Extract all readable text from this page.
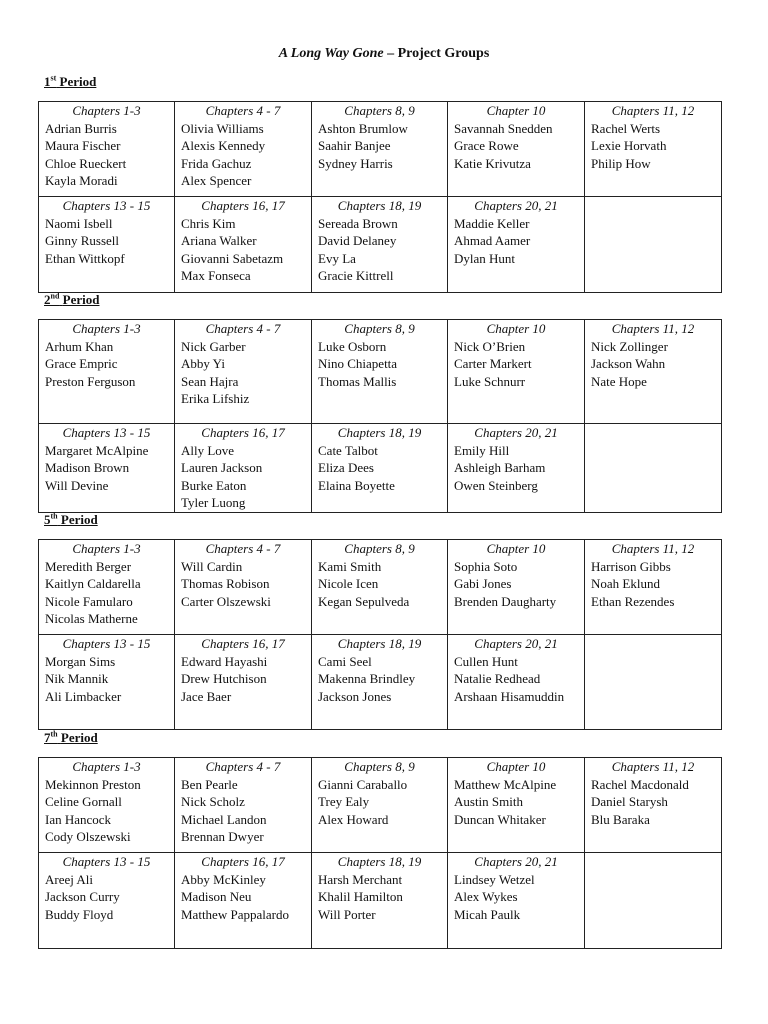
A Long Way Gone – Project Groups
1st Period
Chapters 1-3
Adrian Burris
Maura Fischer
Chloe Rueckert
Kayla Moradi	Chapters 4 - 7
Olivia Williams
Alexis Kennedy
Frida Gachuz
Alex Spencer	Chapters 8, 9
Ashton Brumlow
Saahir Banjee
Sydney Harris	Chapter 10
Savannah Snedden
Grace Rowe
Katie Krivutza	Chapters 11, 12
Rachel Werts
Lexie Horvath
Philip How

Chapters 13 - 15
Naomi Isbell
Ginny Russell
Ethan Wittkopf	Chapters 16, 17
Chris Kim
Ariana Walker
Giovanni Sabetazm
Max Fonseca	Chapters 18, 19
Sereada Brown
David Delaney
Evy La
Gracie Kittrell	Chapters 20, 21
Maddie Keller
Ahmad Aamer
Dylan Hunt	

2nd Period
Chapters 1-3
Arhum Khan
Grace Empric
Preston Ferguson	Chapters 4 - 7
Nick Garber
Abby Yi
Sean Hajra
Erika Lifshiz	Chapters 8, 9
Luke Osborn
Nino Chiapetta
Thomas Mallis	Chapter 10
Nick O’Brien
Carter Markert
Luke Schnurr	Chapters 11, 12
Nick Zollinger
Jackson Wahn
Nate Hope

Chapters 13 - 15
Margaret McAlpine
Madison Brown
Will Devine	Chapters 16, 17
Ally Love
Lauren Jackson
Burke Eaton
Tyler Luong	Chapters 18, 19
Cate Talbot
Eliza Dees
Elaina Boyette	Chapters 20, 21
Emily Hill
Ashleigh Barham
Owen Steinberg	

5th Period
Chapters 1-3
Meredith Berger
Kaitlyn Caldarella
Nicole Famularo
Nicolas Matherne	Chapters 4 - 7
Will Cardin
Thomas Robison
Carter Olszewski	Chapters 8, 9
Kami Smith
Nicole Icen
Kegan Sepulveda	Chapter 10
Sophia Soto
Gabi Jones
Brenden Daugharty	Chapters 11, 12
Harrison Gibbs
Noah Eklund
Ethan Rezendes

Chapters 13 - 15
Morgan Sims
Nik Mannik
Ali Limbacker	Chapters 16, 17
Edward Hayashi
Drew Hutchison
Jace Baer	Chapters 18, 19
Cami Seel
Makenna Brindley
Jackson Jones	Chapters 20, 21
Cullen Hunt
Natalie Redhead
Arshaan Hisamuddin	

7th Period
Chapters 1-3
Mekinnon Preston
Celine Gornall
Ian Hancock
Cody Olszewski	Chapters 4 - 7
Ben Pearle
Nick Scholz
Michael Landon
Brennan Dwyer	Chapters 8, 9
Gianni Caraballo
Trey Ealy
Alex Howard	Chapter 10
Matthew McAlpine
Austin Smith
Duncan Whitaker	Chapters 11, 12
Rachel Macdonald
Daniel Starysh
Blu Baraka

Chapters 13 - 15
Areej Ali
Jackson Curry
Buddy Floyd	Chapters 16, 17
Abby McKinley
Madison Neu
Matthew Pappalardo	Chapters 18, 19
Harsh Merchant
Khalil Hamilton
Will Porter	Chapters 20, 21
Lindsey Wetzel
Alex Wykes
Micah Paulk	
